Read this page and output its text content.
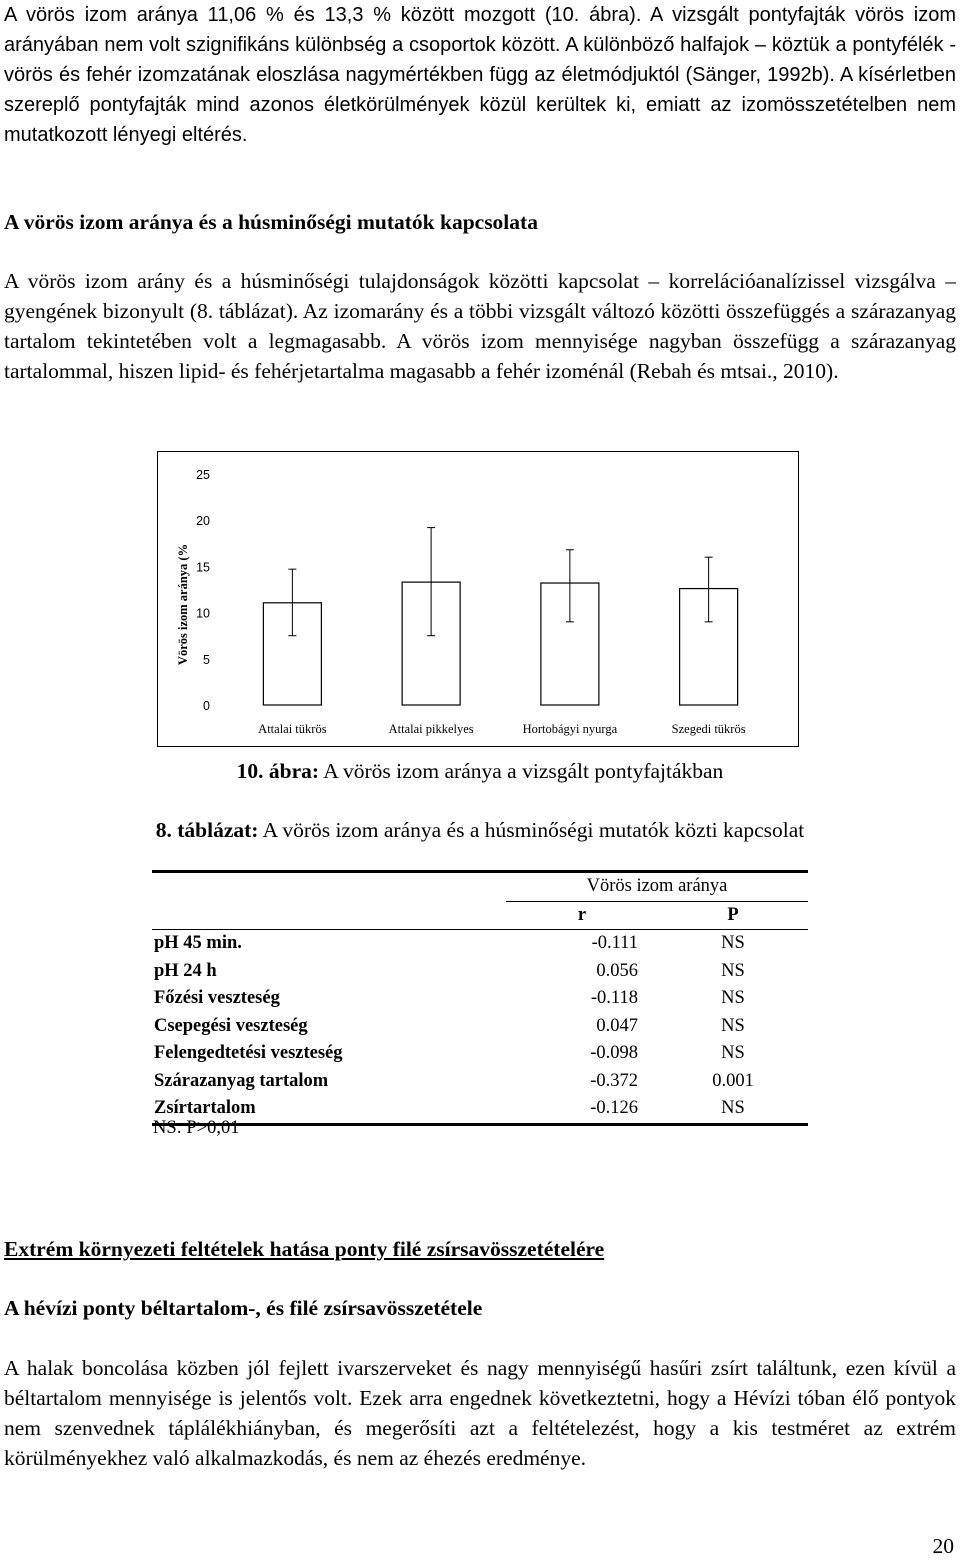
A vörös izom aránya 11,06 % és 13,3 % között mozgott (10. ábra). A vizsgált pontyfajták vörös izom arányában nem volt szignifikáns különbség a csoportok között. A különböző halfajok – köztük a pontyfélék - vörös és fehér izomzatának eloszlása nagymértékben függ az életmódjuktól (Sänger, 1992b). A kísérletben szereplő pontyfajták mind azonos életkörülmények közül kerültek ki, emiatt az izomösszetételben nem mutatkozott lényegi eltérés.

A vörös izom aránya és a húsminőségi mutatók kapcsolata

A vörös izom arány és a húsminőségi tulajdonságok közötti kapcsolat – korrelációanalízissel vizsgálva – gyengének bizonyult (8. táblázat). Az izomarány és a többi vizsgált változó közötti összefüggés a szárazanyag tartalom tekintetében volt a legmagasabb. A vörös izom mennyisége nagyban összefügg a szárazanyag tartalommal, hiszen lipid- és fehérjetartalma magasabb a fehér izoménál (Rebah és mtsai., 2010).

0
5
10
15
20
25
Vörös izom aránya (%
Attalai tükrös	Attalai pikkelyes	Hortobágyi nyurga	Szegedi tükrös

10. ábra: A vörös izom aránya a vizsgált pontyfajtákban

8. táblázat: A vörös izom aránya és a húsminőségi mutatók közti kapcsolat

	Vörös izom aránya	
	r	P
pH 45 min.	-0.111	NS
pH 24 h	0.056	NS
Főzési veszteség	-0.118	NS
Csepegési veszteség	0.047	NS
Felengedtetési veszteség	-0.098	NS
Szárazanyag tartalom	-0.372	0.001
Zsírtartalom	-0.126	NS
NS: P>0,01
Extrém környezeti feltételek hatása ponty filé zsírsavösszetételére
A hévízi ponty béltartalom-, és filé zsírsavösszetétele

A halak boncolása közben jól fejlett ivarszerveket és nagy mennyiségű hasűri zsírt találtunk, ezen kívül a béltartalom mennyisége is jelentős volt. Ezek arra engednek következtetni, hogy a Hévízi tóban élő pontyok nem szenvednek táplálékhiányban, és megerősíti azt a feltételezést, hogy a kis testméret az extrém körülményekhez való alkalmazkodás, és nem az éhezés eredménye.

20
